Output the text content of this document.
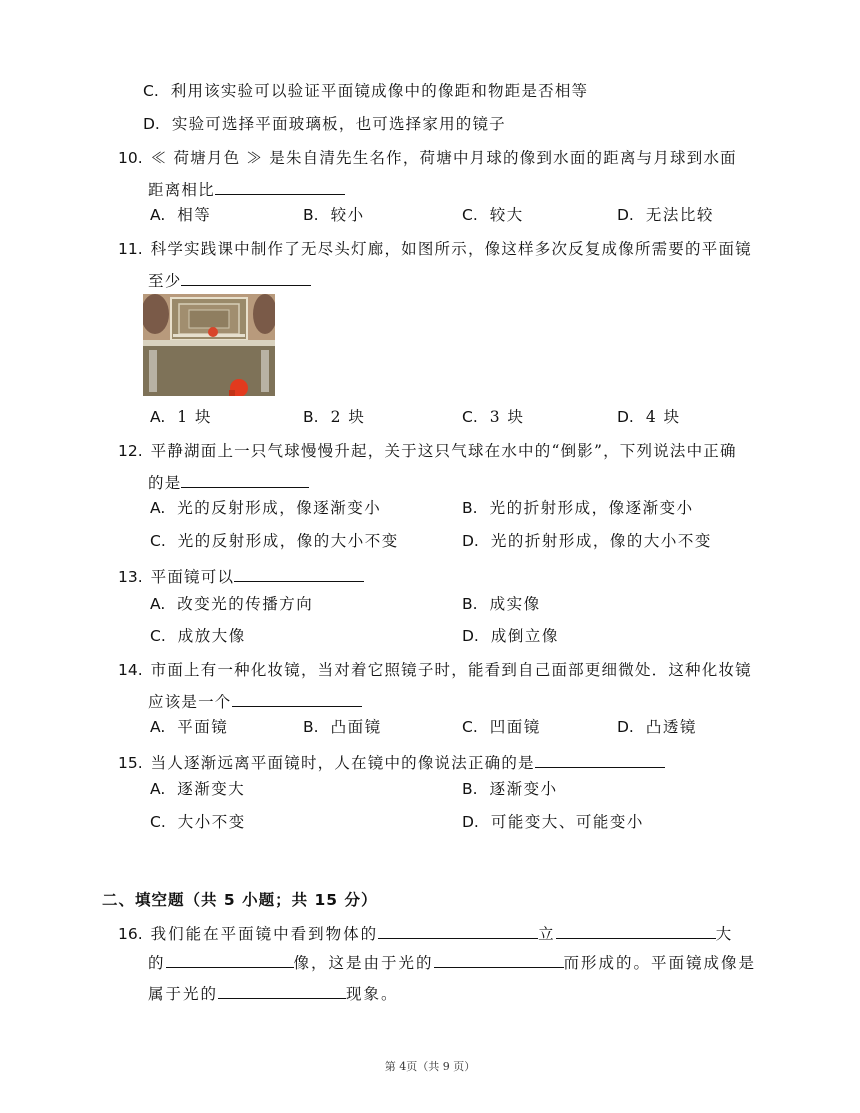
C. 利用该实验可以验证平面镜成像中的像距和物距是否相等
D. 实验可选择平面玻璃板，也可选择家用的镜子
10. ≪ 荷塘月色 ≫ 是朱自清先生名作，荷塘中月球的像到水面的距离与月球到水面
距离相比
A. 相等	B. 较小	C. 较大	D. 无法比较
11. 科学实践课中制作了无尽头灯廊，如图所示，像这样多次反复成像所需要的平面镜
至少
A. 1 块	B. 2 块	C. 3 块	D. 4 块
12. 平静湖面上一只气球慢慢升起，关于这只气球在水中的“倒影”，下列说法中正确
的是
A. 光的反射形成，像逐渐变小	B. 光的折射形成，像逐渐变小
C. 光的反射形成，像的大小不变	D. 光的折射形成，像的大小不变
13. 平面镜可以
A. 改变光的传播方向	B. 成实像
C. 成放大像	D. 成倒立像
14. 市面上有一种化妆镜，当对着它照镜子时，能看到自己面部更细微处．这种化妆镜
应该是一个
A. 平面镜	B. 凸面镜	C. 凹面镜	D. 凸透镜
15. 当人逐渐远离平面镜时，人在镜中的像说法正确的是
A. 逐渐变大	B. 逐渐变小
C. 大小不变	D. 可能变大、可能变小
二、填空题（共 5 小题；共 15 分）
16. 我们能在平面镜中看到物体的	立	大
的	像，这是由于光的	而形成的。平面镜成像是
属于光的	现象。
第 4页（共 9 页）
